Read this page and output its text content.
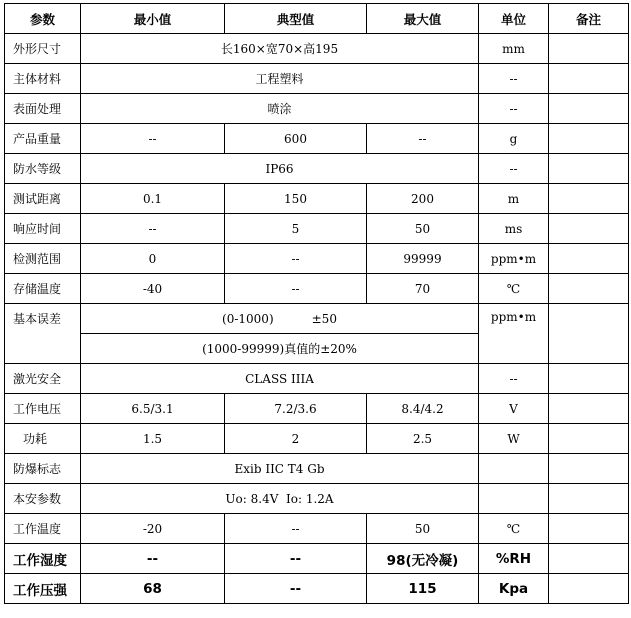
参数	最小值	典型值	最大值	单位	备注
外形尺寸	长160×宽70×高195			mm	
主体材料	工程塑料			--	
表面处理	喷涂			--	
产品重量	--	600	--	g	
防水等级	IP66			--	
测试距离	0.1	150	200	m	
响应时间	--	5	50	ms	
检测范围	0	--	99999	ppm•m	
存储温度	-40	--	70	℃	
基本误差	(0-1000) ±50			ppm•m	
	(1000-99999)真值的±20%				
激光安全	CLASS IIIA			--	
工作电压	6.5/3.1	7.2/3.6	8.4/4.2	V	
功耗	1.5	2	2.5	W	
防爆标志	Exib IIC T4 Gb				
本安参数	Uo: 8.4V  Io: 1.2A				
工作温度	-20	--	50	℃	
工作湿度	--	--	98(无冷凝)	%RH	
工作压强	68	--	115	Kpa	
